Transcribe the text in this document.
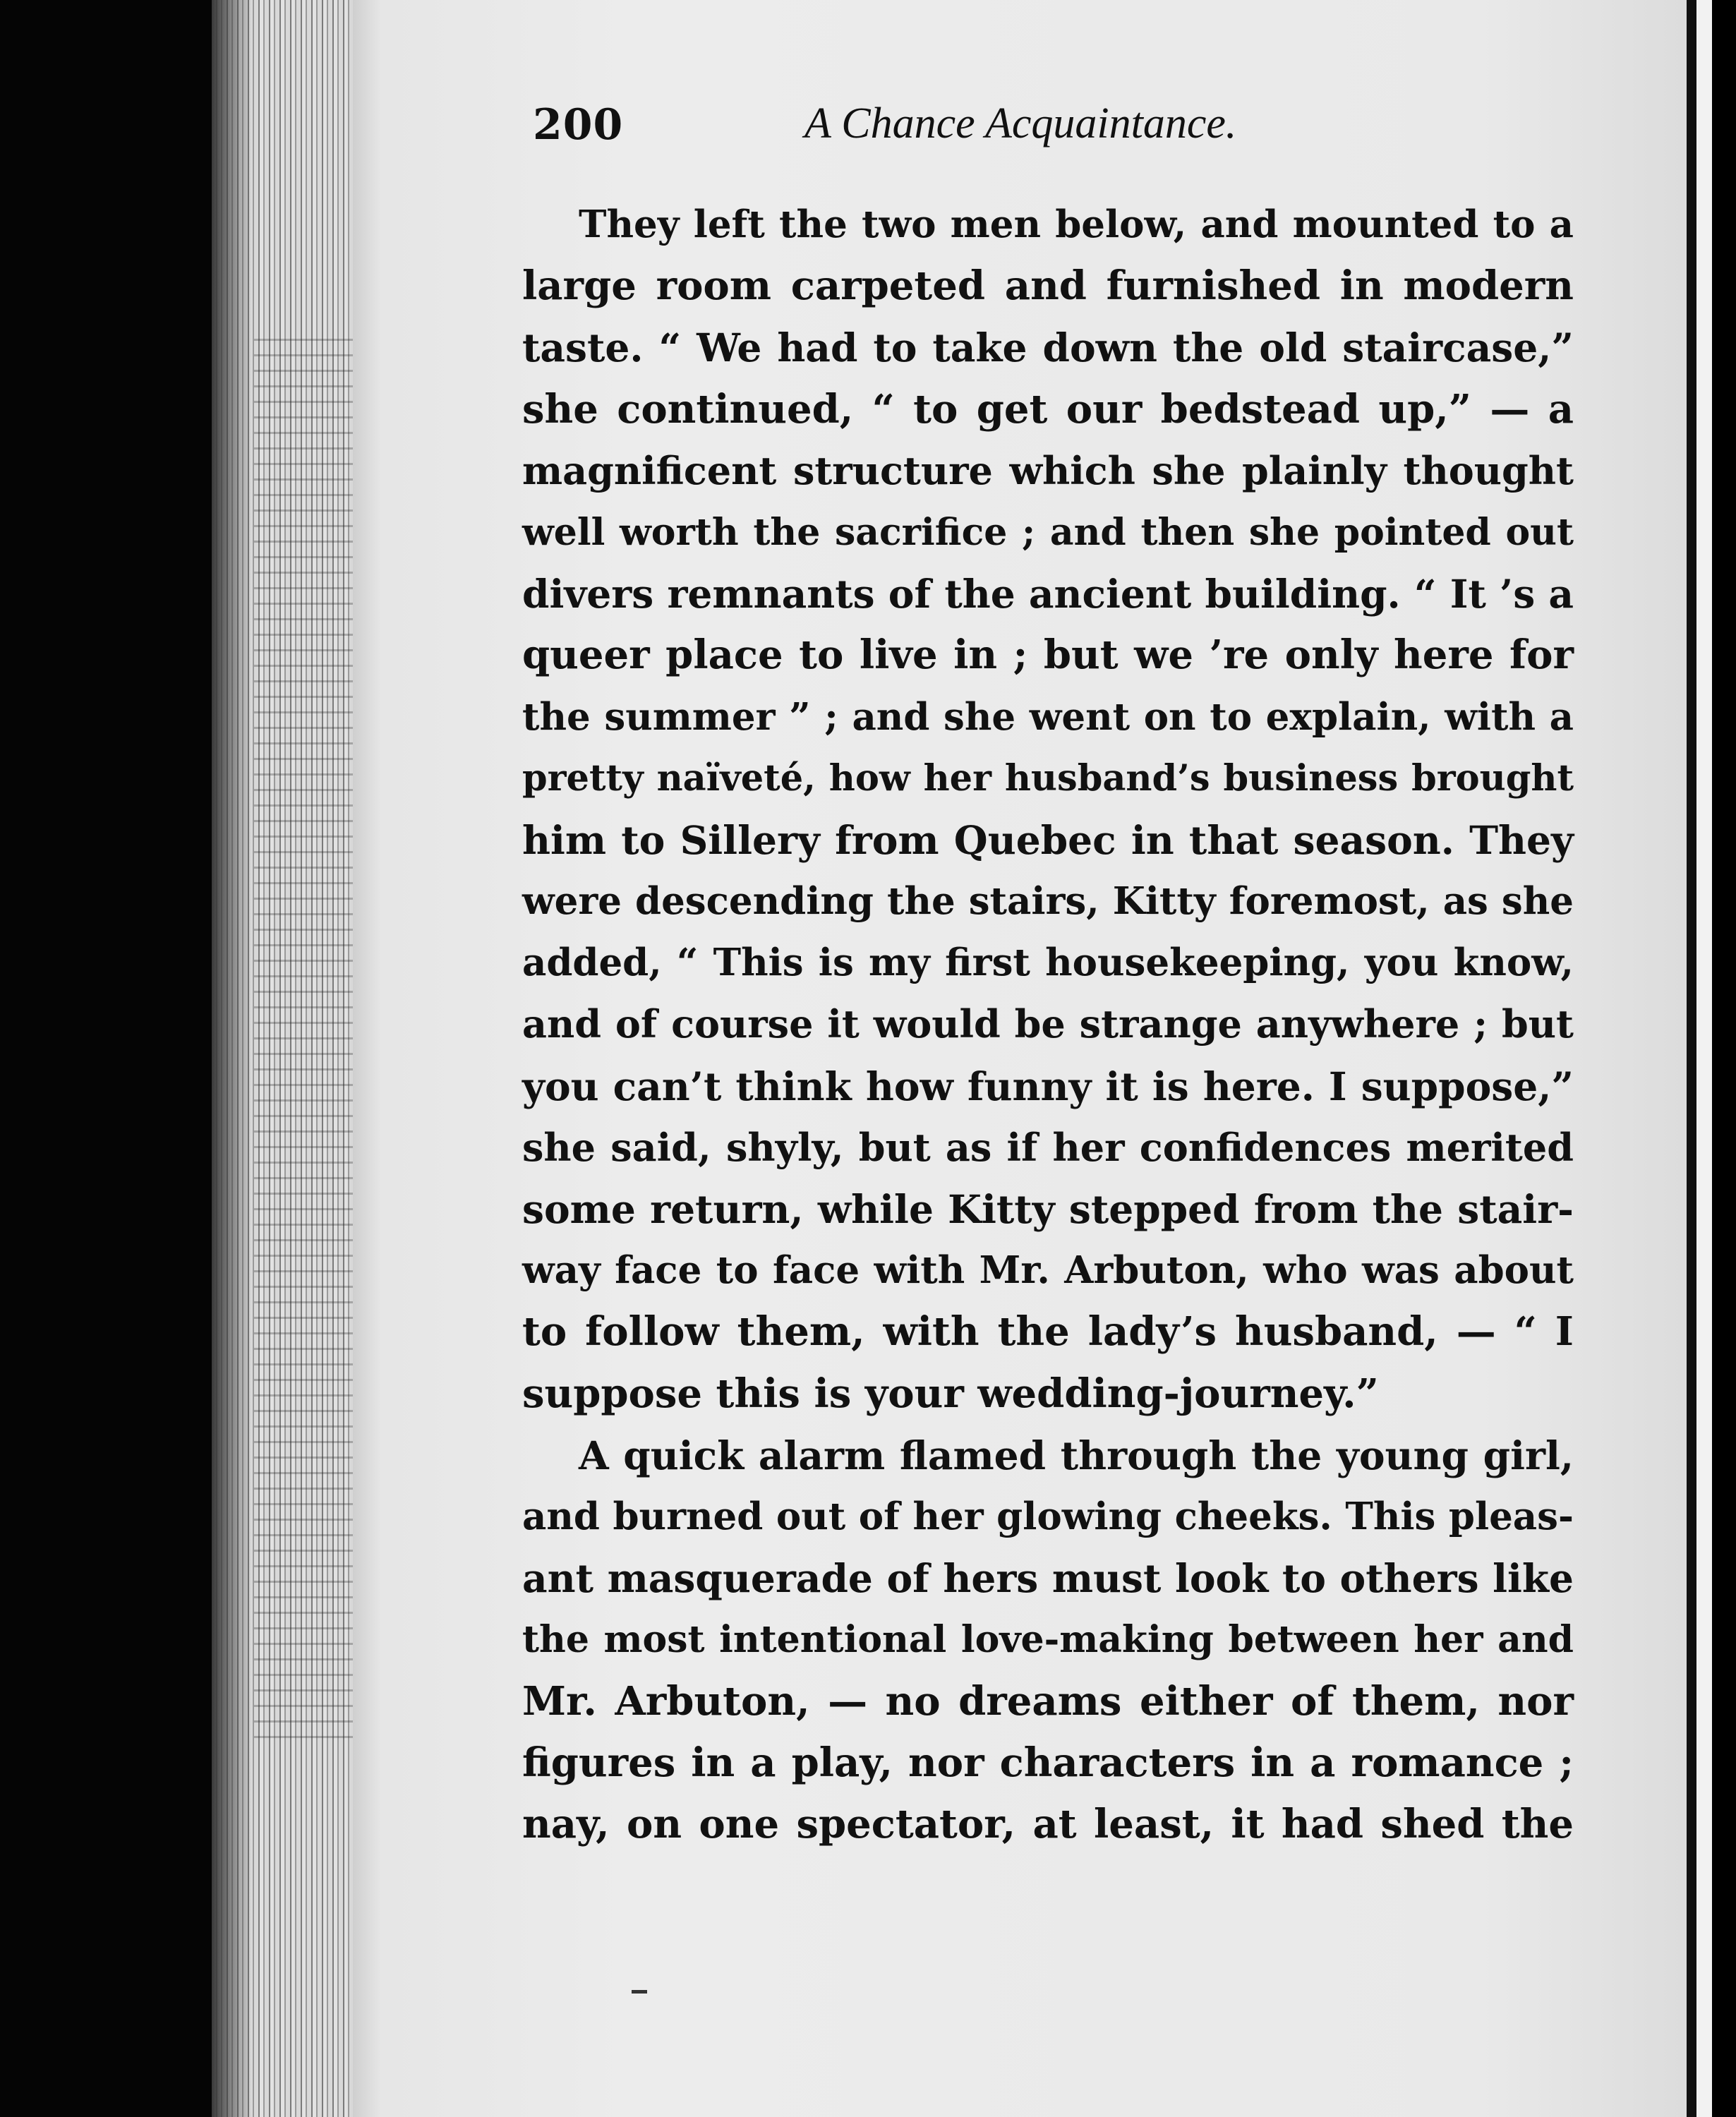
200	A Chance Acquaintance.
They left the two men below, and mounted to a
large room carpeted and furnished in modern
taste. “ We had to take down the old staircase,”
she continued, “ to get our bedstead up,” — a
magnificent structure which she plainly thought
well worth the sacrifice ; and then she pointed out
divers remnants of the ancient building. “ It ’s a
queer place to live in ; but we ’re only here for
the summer ” ; and she went on to explain, with a
pretty naïveté, how her husband’s business brought
him to Sillery from Quebec in that season. They
were descending the stairs, Kitty foremost, as she
added, “ This is my first housekeeping, you know,
and of course it would be strange anywhere ; but
you can’t think how funny it is here. I suppose,”
she said, shyly, but as if her confidences merited
some return, while Kitty stepped from the stair-
way face to face with Mr. Arbuton, who was about
to follow them, with the lady’s husband, — “ I
suppose this is your wedding-journey.”
A quick alarm flamed through the young girl,
and burned out of her glowing cheeks. This pleas-
ant masquerade of hers must look to others like
the most intentional love-making between her and
Mr. Arbuton, — no dreams either of them, nor
figures in a play, nor characters in a romance ;
nay, on one spectator, at least, it had shed the
